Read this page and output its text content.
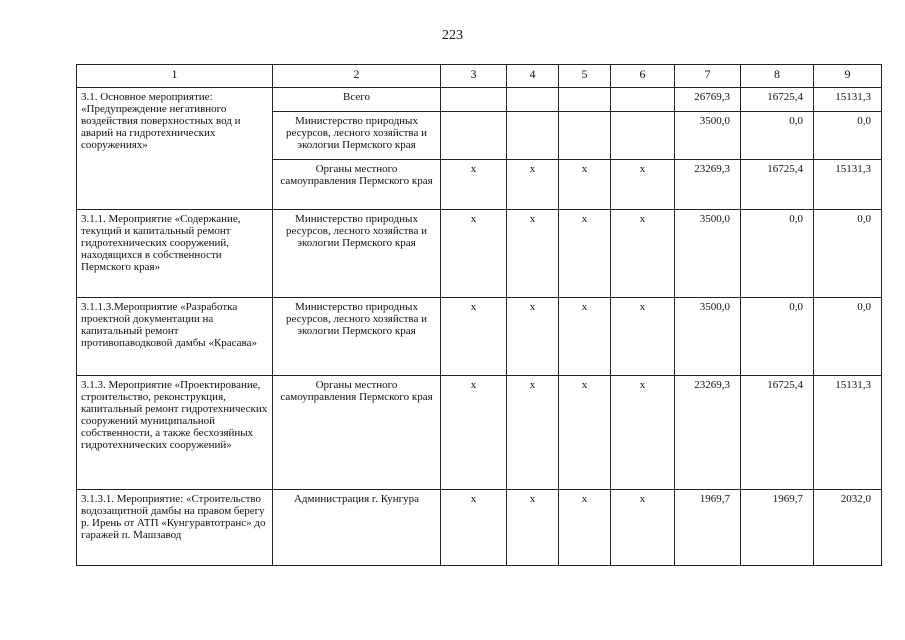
223
1	2	3	4	5	6	7	8	9
3.1. Основное мероприятие: «Предупреждение негативного воздействия поверхностных вод и аварий на гидротехнических сооружениях»	Всего					26769,3	16725,4	15131,3
	Министерство природных ресурсов, лесного хозяйства и экологии Пермского края					3500,0	0,0	0,0
	Органы местного самоуправления Пермского края	х	х	х	х	23269,3	16725,4	15131,3
3.1.1. Мероприятие «Содержание, текущий и капитальный ремонт гидротехнических сооружений, находящихся в собственности Пермского края»	Министерство природных ресурсов, лесного хозяйства и экологии Пермского края	х	х	х	х	3500,0	0,0	0,0
3.1.1.3.Мероприятие «Разработка проектной документации на капитальный ремонт противопаводковой дамбы «Красава»	Министерство природных ресурсов, лесного хозяйства и экологии Пермского края	х	х	х	х	3500,0	0,0	0,0
3.1.3. Мероприятие «Проектирование, строительство, реконструкция, капитальный ремонт гидротехнических сооружений муниципальной собственности, а также бесхозяйных гидротехнических сооружений»	Органы местного самоуправления Пермского края	х	х	х	х	23269,3	16725,4	15131,3
3.1.3.1. Мероприятие: «Строительство водозащитной дамбы на правом берегу р. Ирень от АТП «Кунгуравтотранс» до гаражей п. Машзавод	Администрация г. Кунгура	х	х	х	х	1969,7	1969,7	2032,0
